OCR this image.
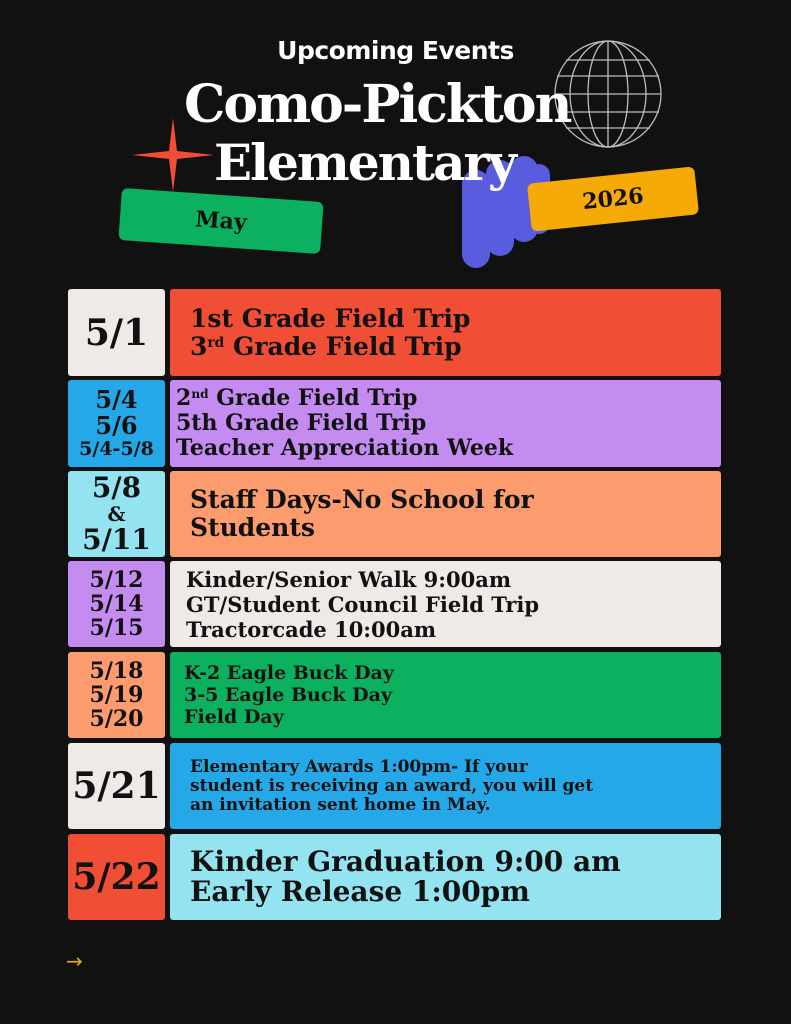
Upcoming Events
Como-Pickton
Elementary
May
2026
5/1 1st Grade Field Trip
3rd Grade Field Trip
5/4
5/6
5/4-5/8
2nd Grade Field Trip
5th Grade Field Trip
Teacher Appreciation Week
5/8
&
5/11
Staff Days-No School for
Students
5/12
5/14
5/15
Kinder/Senior Walk 9:00am
GT/Student Council Field Trip
Tractorcade 10:00am
5/18
5/19
5/20
K-2 Eagle Buck Day
3-5 Eagle Buck Day
Field Day
5/21 Elementary Awards 1:00pm- If your
student is receiving an award, you will get
an invitation sent home in May.
5/22 Kinder Graduation 9:00 am
Early Release 1:00pm
→
